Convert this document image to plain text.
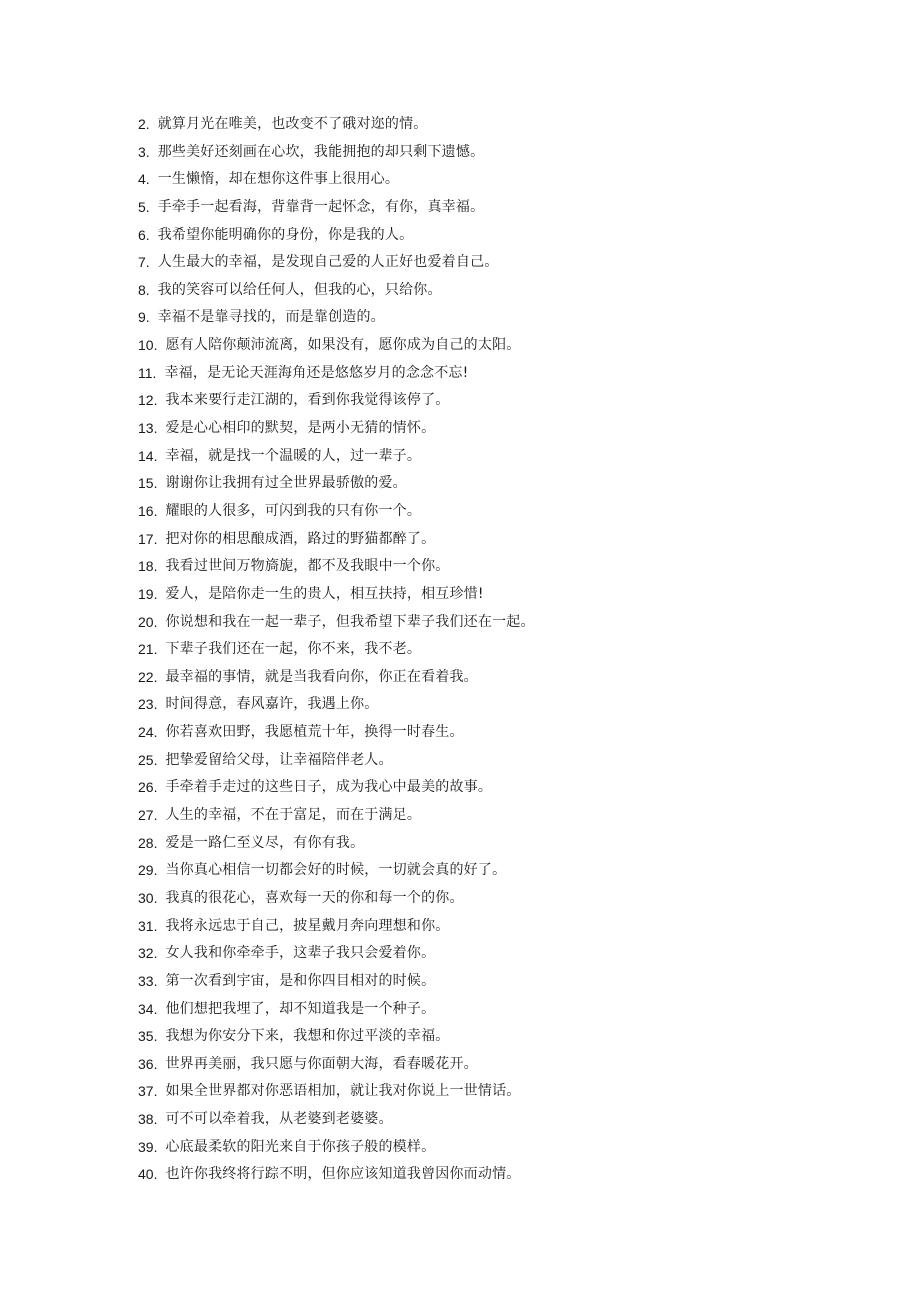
2. 就算月光在唯美，也改变不了硪对迩的情。
3. 那些美好还刻画在心坎，我能拥抱的却只剩下遗憾。
4. 一生懒惰，却在想你这件事上很用心。
5. 手牵手一起看海，背靠背一起怀念，有你，真幸福。
6. 我希望你能明确你的身份，你是我的人。
7. 人生最大的幸福，是发现自己爱的人正好也爱着自己。
8. 我的笑容可以给任何人，但我的心，只给你。
9. 幸福不是靠寻找的，而是靠创造的。
10. 愿有人陪你颠沛流离，如果没有，愿你成为自己的太阳。
11. 幸福，是无论天涯海角还是悠悠岁月的念念不忘!
12. 我本来要行走江湖的，看到你我觉得该停了。
13. 爱是心心相印的默契，是两小无猜的情怀。
14. 幸福，就是找一个温暖的人，过一辈子。
15. 谢谢你让我拥有过全世界最骄傲的爱。
16. 耀眼的人很多，可闪到我的只有你一个。
17. 把对你的相思酿成酒，路过的野猫都醉了。
18. 我看过世间万物旖旎，都不及我眼中一个你。
19. 爱人，是陪你走一生的贵人，相互扶持，相互珍惜!
20. 你说想和我在一起一辈子，但我希望下辈子我们还在一起。
21. 下辈子我们还在一起，你不来，我不老。
22. 最幸福的事情，就是当我看向你，你正在看着我。
23. 时间得意，春风嘉许，我遇上你。
24. 你若喜欢田野，我愿植荒十年，换得一时春生。
25. 把挚爱留给父母，让幸福陪伴老人。
26. 手牵着手走过的这些日子，成为我心中最美的故事。
27. 人生的幸福，不在于富足，而在于满足。
28. 爱是一路仁至义尽，有你有我。
29. 当你真心相信一切都会好的时候，一切就会真的好了。
30. 我真的很花心，喜欢每一天的你和每一个的你。
31. 我将永远忠于自己，披星戴月奔向理想和你。
32. 女人我和你牵牵手，这辈子我只会爱着你。
33. 第一次看到宇宙，是和你四目相对的时候。
34. 他们想把我埋了，却不知道我是一个种子。
35. 我想为你安分下来，我想和你过平淡的幸福。
36. 世界再美丽，我只愿与你面朝大海，看春暖花开。
37. 如果全世界都对你恶语相加，就让我对你说上一世情话。
38. 可不可以牵着我，从老婆到老婆婆。
39. 心底最柔软的阳光来自于你孩子般的模样。
40. 也许你我终将行踪不明，但你应该知道我曾因你而动情。
